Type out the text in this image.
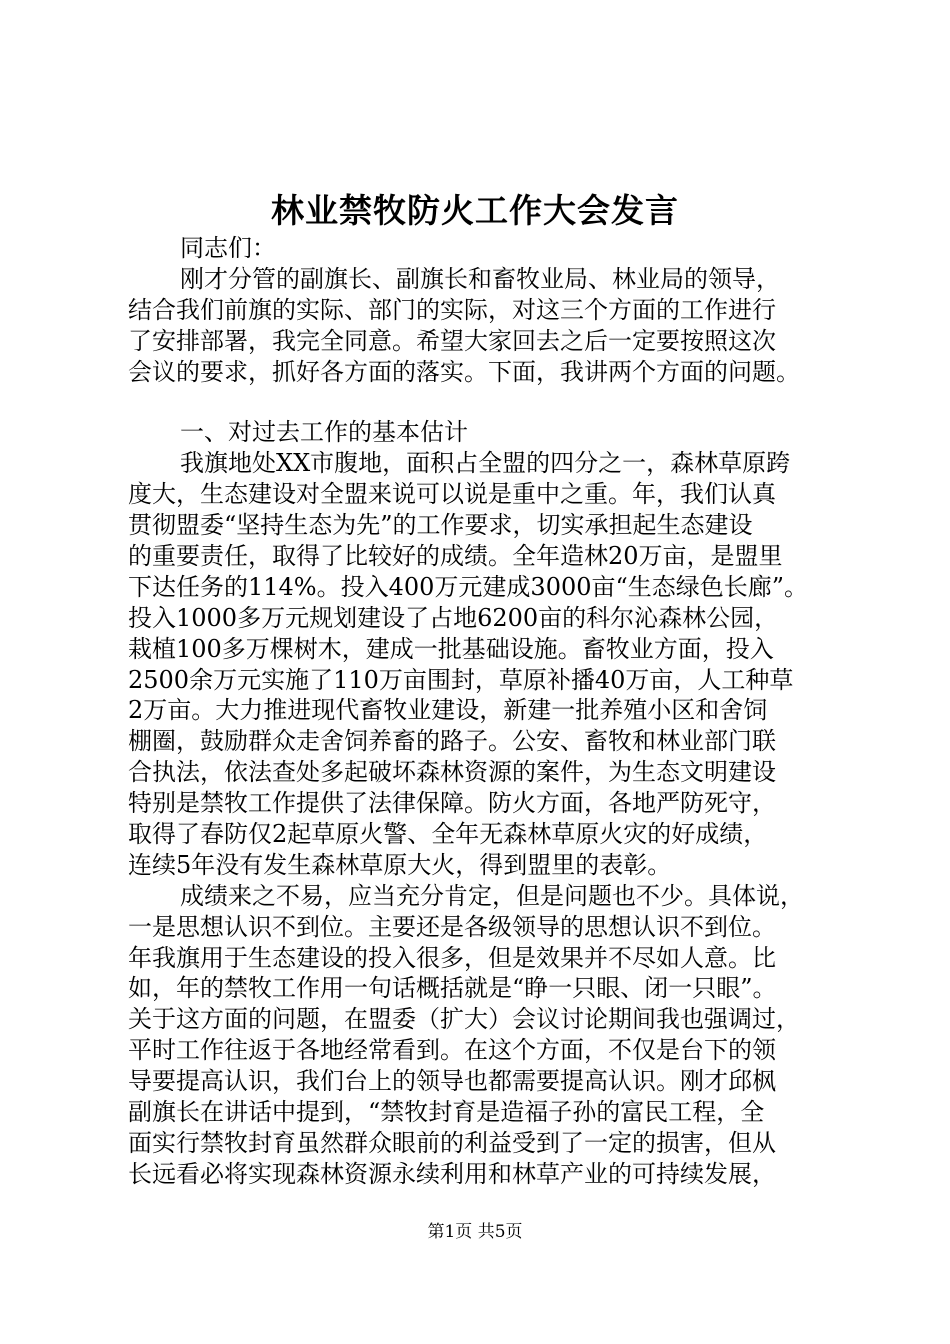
林业禁牧防火工作大会发言
同志们：
刚才分管的副旗长、副旗长和畜牧业局、林业局的领导，
结合我们前旗的实际、部门的实际，对这三个方面的工作进行
了安排部署，我完全同意。希望大家回去之后一定要按照这次
会议的要求，抓好各方面的落实。下面，我讲两个方面的问题。
一、对过去工作的基本估计
我旗地处XX市腹地，面积占全盟的四分之一，森林草原跨
度大，生态建设对全盟来说可以说是重中之重。年，我们认真
贯彻盟委“坚持生态为先”的工作要求，切实承担起生态建设
的重要责任，取得了比较好的成绩。全年造林20万亩，是盟里
下达任务的114%。投入400万元建成3000亩“生态绿色长廊”。
投入1000多万元规划建设了占地6200亩的科尔沁森林公园，
栽植100多万棵树木，建成一批基础设施。畜牧业方面，投入
2500余万元实施了110万亩围封，草原补播40万亩，人工种草
2万亩。大力推进现代畜牧业建设，新建一批养殖小区和舍饲
棚圈，鼓励群众走舍饲养畜的路子。公安、畜牧和林业部门联
合执法，依法查处多起破坏森林资源的案件，为生态文明建设
特别是禁牧工作提供了法律保障。防火方面，各地严防死守，
取得了春防仅2起草原火警、全年无森林草原火灾的好成绩，
连续5年没有发生森林草原大火，得到盟里的表彰。
成绩来之不易，应当充分肯定，但是问题也不少。具体说，
一是思想认识不到位。主要还是各级领导的思想认识不到位。
年我旗用于生态建设的投入很多，但是效果并不尽如人意。比
如，年的禁牧工作用一句话概括就是“睁一只眼、闭一只眼”。
关于这方面的问题，在盟委（扩大）会议讨论期间我也强调过，
平时工作往返于各地经常看到。在这个方面，不仅是台下的领
导要提高认识，我们台上的领导也都需要提高认识。刚才邱枫
副旗长在讲话中提到，“禁牧封育是造福子孙的富民工程，全
面实行禁牧封育虽然群众眼前的利益受到了一定的损害，但从
长远看必将实现森林资源永续利用和林草产业的可持续发展，
第1页 共5页
